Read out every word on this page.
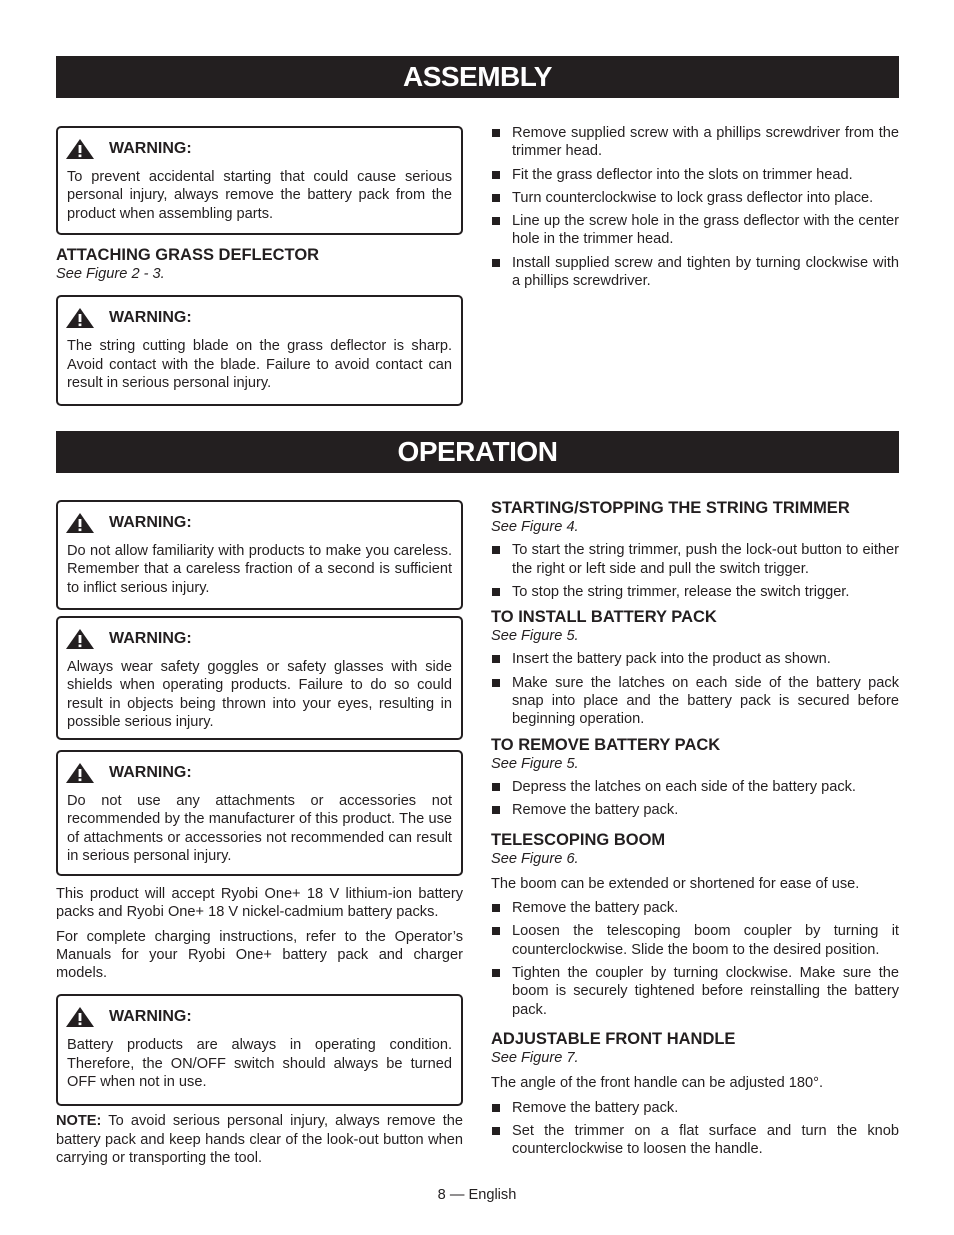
ASSEMBLY
WARNING:
To prevent accidental starting that could cause serious personal injury, always remove the battery pack from the product when assembling parts.
ATTACHING GRASS DEFLECTOR
See Figure 2 - 3.
WARNING:
The string cutting blade on the grass deflector is sharp. Avoid contact with the blade. Failure to avoid contact can result in serious personal injury.
Remove supplied screw with a phillips screwdriver from the trimmer head.
Fit the grass deflector into the slots on trimmer head.
Turn counterclockwise to lock grass deflector into place.
Line up the screw hole in the grass deflector with the center hole in the trimmer head.
Install supplied screw and tighten by turning clockwise with a phillips screwdriver.
OPERATION
WARNING:
Do not allow familiarity with products to make you careless. Remember that a careless fraction of a second is sufficient to inflict serious injury.
WARNING:
Always wear safety goggles or safety glasses with side shields when operating products. Failure to do so could result in objects being thrown into your eyes, resulting in possible serious injury.
WARNING:
Do not use any attachments or accessories not recommended by the manufacturer of this product. The use of attachments or accessories not recommended can result in serious personal injury.
This product will accept Ryobi One+ 18 V lithium-ion battery packs and Ryobi One+ 18 V nickel-cadmium battery packs.
For complete charging instructions, refer to the Operator’s Manuals for your Ryobi One+ battery pack and charger models.
WARNING:
Battery products are always in operating condition. Therefore, the ON/OFF switch should always be turned OFF when not in use.
NOTE: To avoid serious personal injury, always remove the battery pack and keep hands clear of the look-out button when carrying or transporting the tool.
STARTING/STOPPING THE STRING TRIMMER
See Figure 4.
To start the string trimmer, push the lock-out button to either the right or left side and pull the switch trigger.
To stop the string trimmer, release the switch trigger.
TO INSTALL BATTERY PACK
See Figure 5.
Insert the battery pack into the product as shown.
Make sure the latches on each side of the battery pack snap into place and the battery pack is secured before beginning operation.
TO REMOVE BATTERY PACK
See Figure 5.
Depress the latches on each side of the battery pack.
Remove the battery pack.
TELESCOPING BOOM
See Figure 6.
The boom can be extended or shortened for ease of use.
Remove the battery pack.
Loosen the telescoping boom coupler by turning it counterclockwise. Slide the boom to the desired position.
Tighten the coupler by turning clockwise. Make sure the boom is securely tightened before reinstalling the battery pack.
ADJUSTABLE FRONT HANDLE
See Figure 7.
The angle of the front handle can be adjusted 180°.
Remove the battery pack.
Set the trimmer on a flat surface and turn the knob counterclockwise to loosen the handle.
8 — English
